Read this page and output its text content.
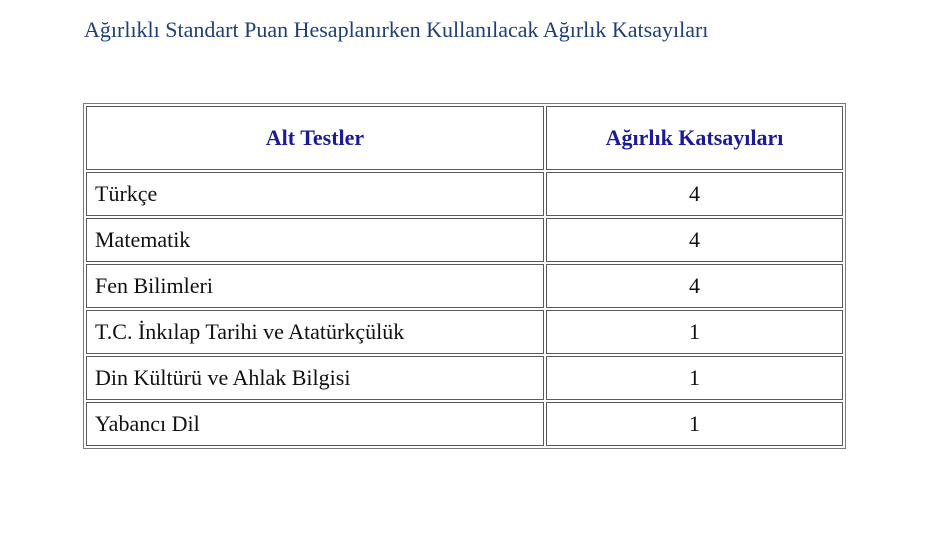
Ağırlıklı Standart Puan Hesaplanırken Kullanılacak Ağırlık Katsayıları
Alt Testler	Ağırlık Katsayıları
Türkçe	4
Matematik	4
Fen Bilimleri	4
T.C. İnkılap Tarihi ve Atatürkçülük	1
Din Kültürü ve Ahlak Bilgisi	1
Yabancı Dil	1
